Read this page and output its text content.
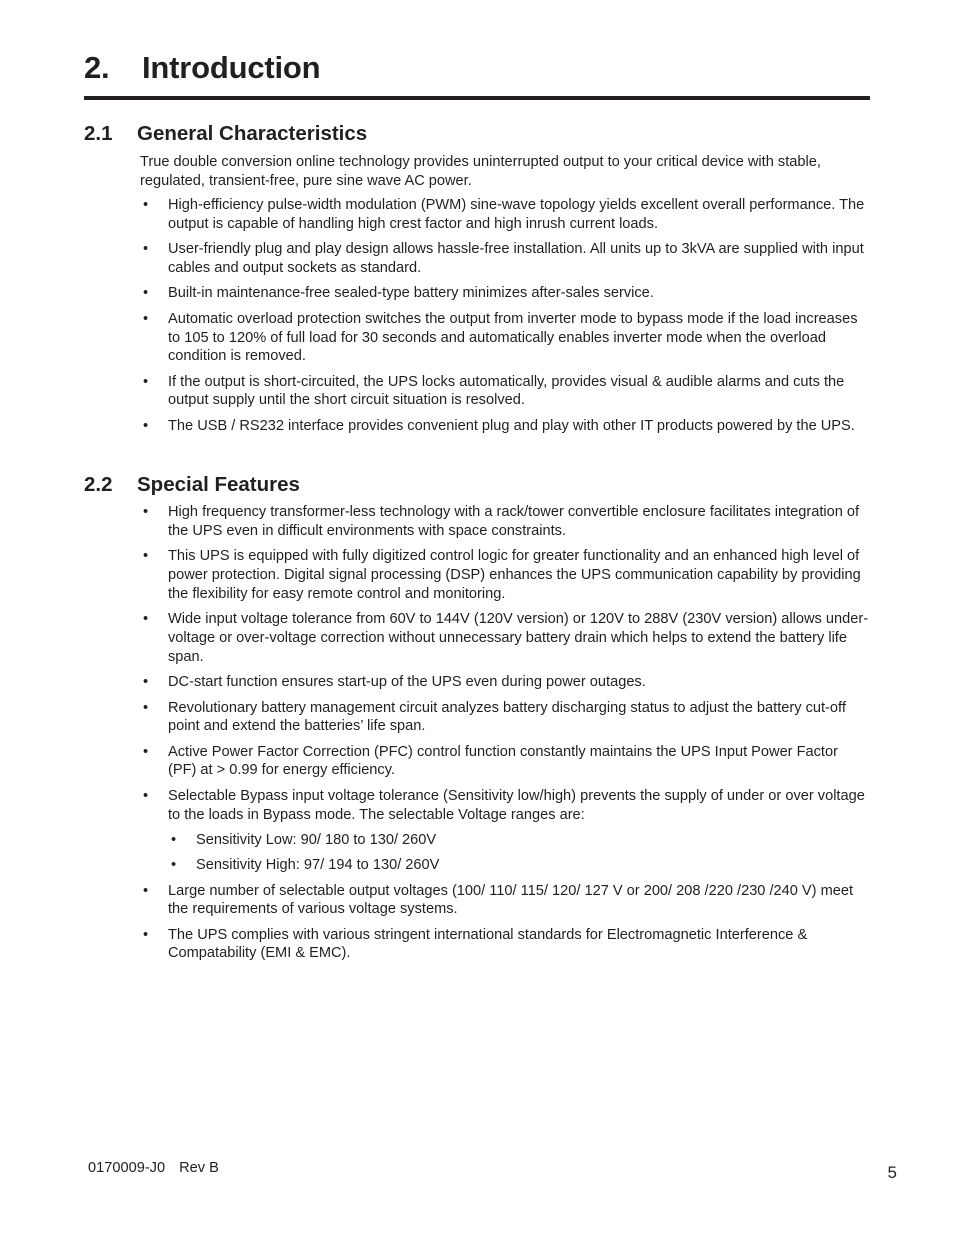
2. Introduction
2.1 General Characteristics

True double conversion online technology provides uninterrupted output to your critical device with stable, regulated, transient-free, pure sine wave AC power.

• High-efficiency pulse-width modulation (PWM) sine-wave topology yields excellent overall performance. The output is capable of handling high crest factor and high inrush current loads.
• User-friendly plug and play design allows hassle-free installation. All units up to 3kVA are supplied with input cables and output sockets as standard.
• Built-in maintenance-free sealed-type battery minimizes after-sales service.
• Automatic overload protection switches the output from inverter mode to bypass mode if the load increases to 105 to 120% of full load for 30 seconds and automatically enables inverter mode when the overload condition is removed.
• If the output is short-circuited, the UPS locks automatically, provides visual & audible alarms and cuts the output supply until the short circuit situation is resolved.
• The USB / RS232 interface provides convenient plug and play with other IT products powered by the UPS.
2.2 Special Features
• High frequency transformer-less technology with a rack/tower convertible enclosure facilitates integration of the UPS even in difficult environments with space constraints.
• This UPS is equipped with fully digitized control logic for greater functionality and an enhanced high level of power protection. Digital signal processing (DSP) enhances the UPS communication capability by providing the flexibility for easy remote control and monitoring.
• Wide input voltage tolerance from 60V to 144V (120V version) or 120V to 288V (230V version) allows under-voltage or over-voltage correction without unnecessary battery drain which helps to extend the battery life span.
• DC-start function ensures start-up of the UPS even during power outages.
• Revolutionary battery management circuit analyzes battery discharging status to adjust the battery cut-off point and extend the batteries’ life span.
• Active Power Factor Correction (PFC) control function constantly maintains the UPS Input Power Factor (PF) at > 0.99 for energy efficiency.
• Selectable Bypass input voltage tolerance (Sensitivity low/high) prevents the supply of under or over voltage to the loads in Bypass mode. The selectable Voltage ranges are:
• Sensitivity Low: 90/ 180 to 130/ 260V
• Sensitivity High: 97/ 194 to 130/ 260V
• Large number of selectable output voltages (100/ 110/ 115/ 120/ 127 V or 200/ 208 /220 /230 /240 V) meet the requirements of various voltage systems.
• The UPS complies with various stringent international standards for Electromagnetic Interference & Compatability (EMI & EMC).
0170009-J0 Rev B	5
